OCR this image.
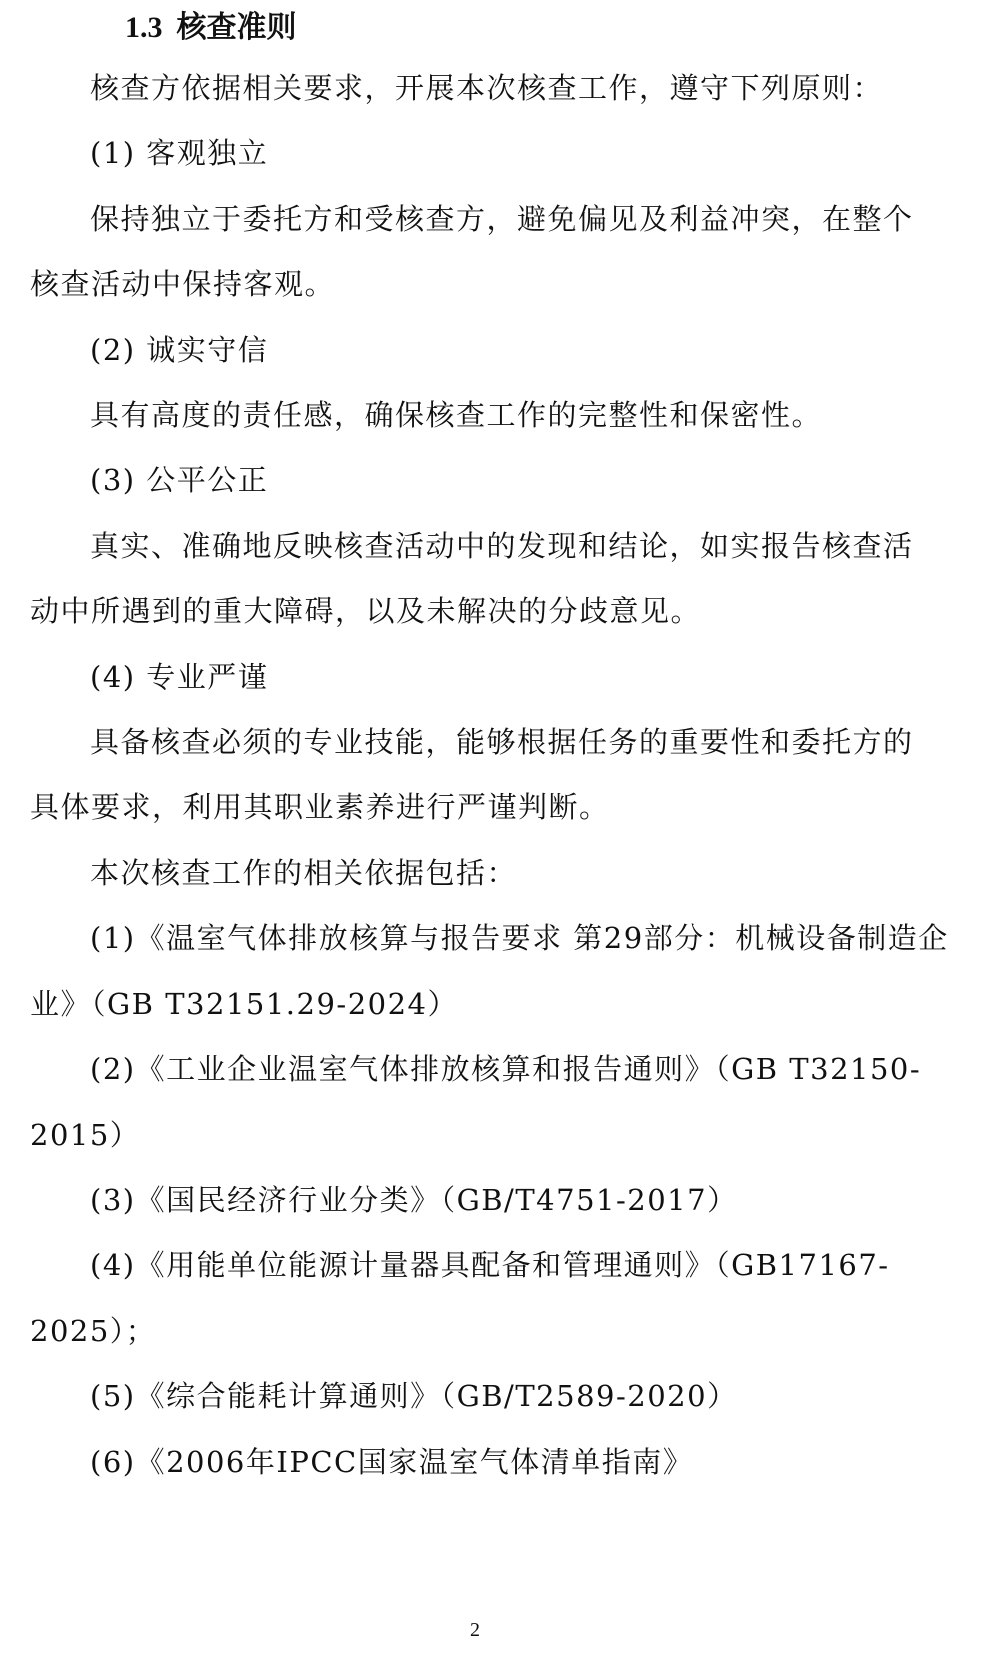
1.3 核查准则
核查方依据相关要求，开展本次核查工作，遵守下列原则：
(1) 客观独立
保持独立于委托方和受核查方，避免偏见及利益冲突，在整个
核查活动中保持客观。
(2) 诚实守信
具有高度的责任感，确保核查工作的完整性和保密性。
(3) 公平公正
真实、准确地反映核查活动中的发现和结论，如实报告核查活
动中所遇到的重大障碍，以及未解决的分歧意见。
(4) 专业严谨
具备核查必须的专业技能，能够根据任务的重要性和委托方的
具体要求，利用其职业素养进行严谨判断。
本次核查工作的相关依据包括：
(1)《温室气体排放核算与报告要求 第29部分：机械设备制造企
业》（GB T32151.29-2024）
(2)《工业企业温室气体排放核算和报告通则》（GB T32150-
2015）
(3)《国民经济行业分类》（GB/T4751-2017）
(4)《用能单位能源计量器具配备和管理通则》（GB17167-
2025）；
(5)《综合能耗计算通则》（GB/T2589-2020）
(6)《2006年IPCC国家温室气体清单指南》
2
